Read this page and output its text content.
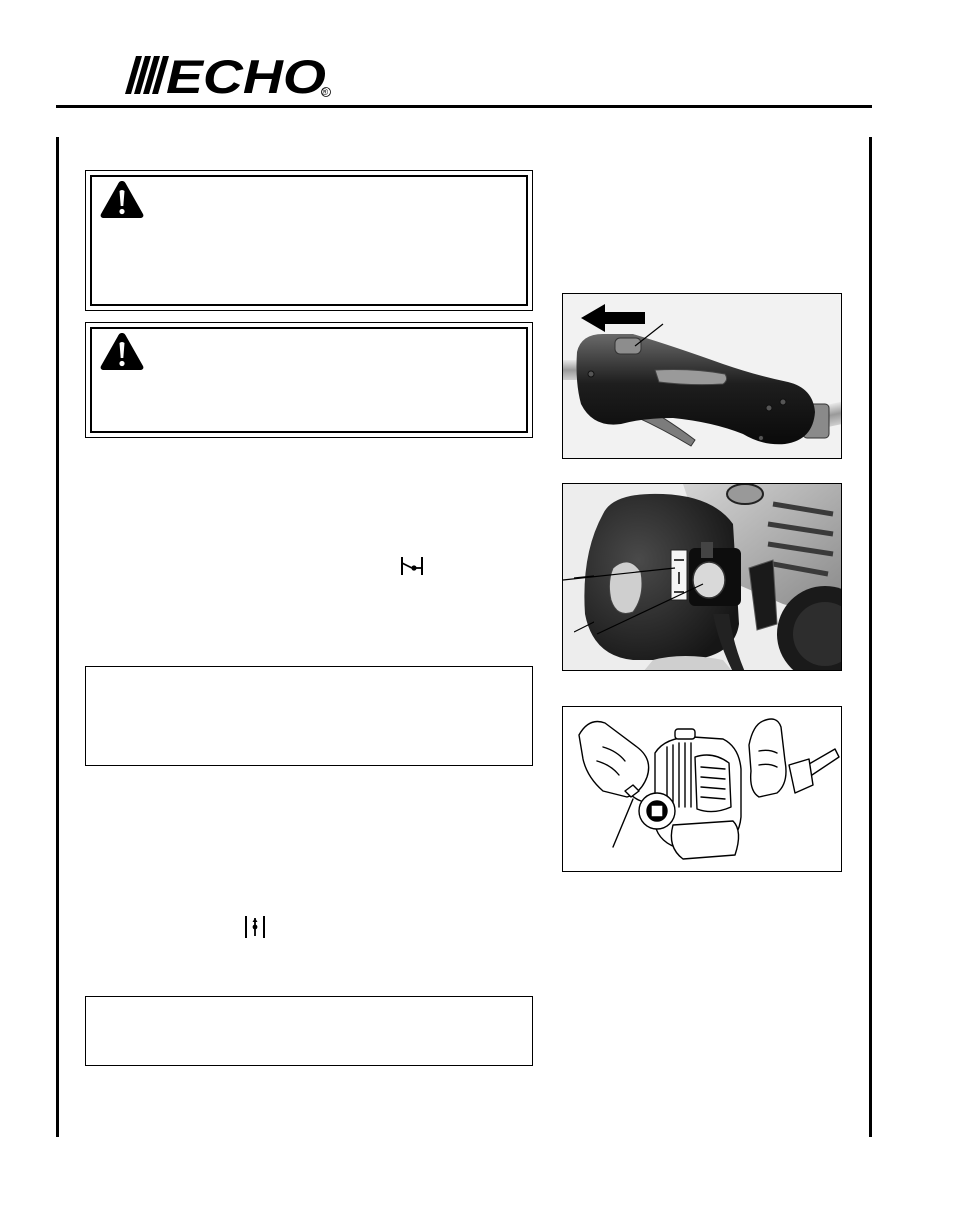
ECHO
®
